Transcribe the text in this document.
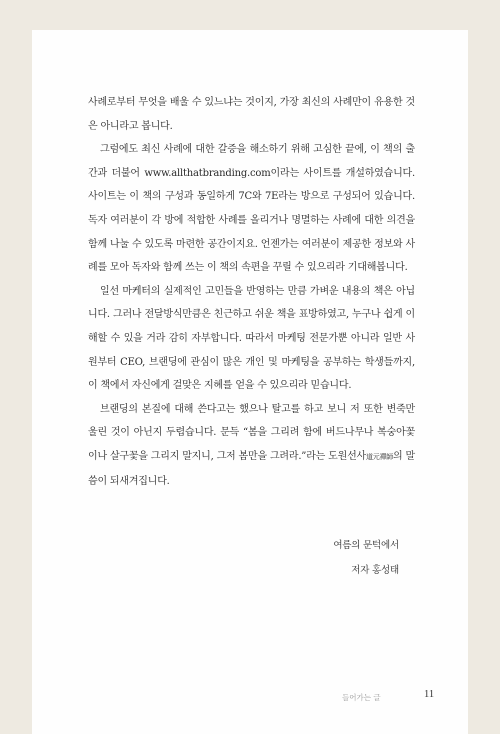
사례로부터 무엇을 배울 수 있느냐는 것이지, 가장 최신의 사례만이 유용한 것은 아니라고 봅니다.

그럼에도 최신 사례에 대한 갈증을 해소하기 위해 고심한 끝에, 이 책의 출간과 더불어 www.allthatbranding.com이라는 사이트를 개설하였습니다. 사이트는 이 책의 구성과 동일하게 7C와 7E라는 방으로 구성되어 있습니다. 독자 여러분이 각 방에 적합한 사례를 올리거나 명멸하는 사례에 대한 의견을 함께 나눌 수 있도록 마련한 공간이지요. 언젠가는 여러분이 제공한 정보와 사례를 모아 독자와 함께 쓰는 이 책의 속편을 꾸릴 수 있으리라 기대해봅니다.

일선 마케터의 실제적인 고민들을 반영하는 만큼 가벼운 내용의 책은 아닙니다. 그러나 전달방식만큼은 친근하고 쉬운 책을 표방하였고, 누구나 쉽게 이해할 수 있을 거라 감히 자부합니다. 따라서 마케팅 전문가뿐 아니라 일반 사원부터 CEO, 브랜딩에 관심이 많은 개인 및 마케팅을 공부하는 학생들까지, 이 책에서 자신에게 걸맞은 지혜를 얻을 수 있으리라 믿습니다.

브랜딩의 본질에 대해 쓴다고는 했으나 탈고를 하고 보니 저 또한 변죽만 울린 것이 아닌지 두렵습니다. 문득 “봄을 그리려 함에 버드나무나 복숭아꽃이나 살구꽃을 그리지 말지니, 그저 봄만을 그려라.”라는 도원선사道元禪師의 말씀이 되새겨집니다.

여름의 문턱에서
저자 홍성태
들어가는 글	11
